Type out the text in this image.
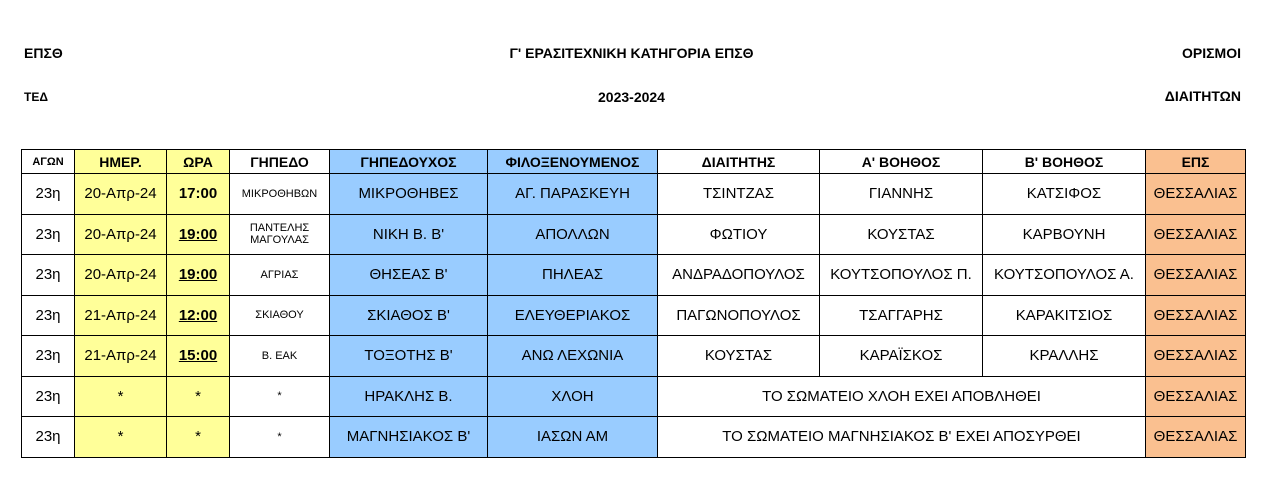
ΕΠΣΘ
ΤΕΔ
Γ' ΕΡΑΣΙΤΕΧΝΙΚΗ ΚΑΤΗΓΟΡΙΑ ΕΠΣΘ
2023-2024
ΟΡΙΣΜΟΙ
ΔΙΑΙΤΗΤΩΝ
ΑΓΩΝ	ΗΜΕΡ.	ΩΡΑ	ΓΗΠΕΔΟ	ΓΗΠΕΔΟΥΧΟΣ	ΦΙΛΟΞΕΝΟΥΜΕΝΟΣ	ΔΙΑΙΤΗΤΗΣ	Α' ΒΟΗΘΟΣ	Β' ΒΟΗΘΟΣ	ΕΠΣ
23η	20-Απρ-24	17:00	ΜΙΚΡΟΘΗΒΩΝ	ΜΙΚΡΟΘΗΒΕΣ	ΑΓ. ΠΑΡΑΣΚΕΥΗ	ΤΣΙΝΤΖΑΣ	ΓΙΑΝΝΗΣ	ΚΑΤΣΙΦΟΣ	ΘΕΣΣΑΛΙΑΣ
23η	20-Απρ-24	19:00	ΠΑΝΤΕΛΗΣ ΜΑΓΟΥΛΑΣ	ΝΙΚΗ Β. Β'	ΑΠΟΛΛΩΝ	ΦΩΤΙΟΥ	ΚΟΥΣΤΑΣ	ΚΑΡΒΟΥΝΗ	ΘΕΣΣΑΛΙΑΣ
23η	20-Απρ-24	19:00	ΑΓΡΙΑΣ	ΘΗΣΕΑΣ Β'	ΠΗΛΕΑΣ	ΑΝΔΡΑΔΟΠΟΥΛΟΣ	ΚΟΥΤΣΟΠΟΥΛΟΣ Π.	ΚΟΥΤΣΟΠΟΥΛΟΣ Α.	ΘΕΣΣΑΛΙΑΣ
23η	21-Απρ-24	12:00	ΣΚΙΑΘΟΥ	ΣΚΙΑΘΟΣ Β'	ΕΛΕΥΘΕΡΙΑΚΟΣ	ΠΑΓΩΝΟΠΟΥΛΟΣ	ΤΣΑΓΓΑΡΗΣ	ΚΑΡΑΚΙΤΣΙΟΣ	ΘΕΣΣΑΛΙΑΣ
23η	21-Απρ-24	15:00	Β. ΕΑΚ	ΤΟΞΟΤΗΣ Β'	ΑΝΩ ΛΕΧΩΝΙΑ	ΚΟΥΣΤΑΣ	ΚΑΡΑΪΣΚΟΣ	ΚΡΑΛΛΗΣ	ΘΕΣΣΑΛΙΑΣ
23η	*	*	*	ΗΡΑΚΛΗΣ Β.	ΧΛΟΗ	ΤΟ ΣΩΜΑΤΕΙΟ ΧΛΟΗ ΕΧΕΙ ΑΠΟΒΛΗΘΕΙ			ΘΕΣΣΑΛΙΑΣ
23η	*	*	*	ΜΑΓΝΗΣΙΑΚΟΣ Β'	ΙΑΣΩΝ ΑΜ	ΤΟ ΣΩΜΑΤΕΙΟ ΜΑΓΝΗΣΙΑΚΟΣ Β' ΕΧΕΙ ΑΠΟΣΥΡΘΕΙ			ΘΕΣΣΑΛΙΑΣ
